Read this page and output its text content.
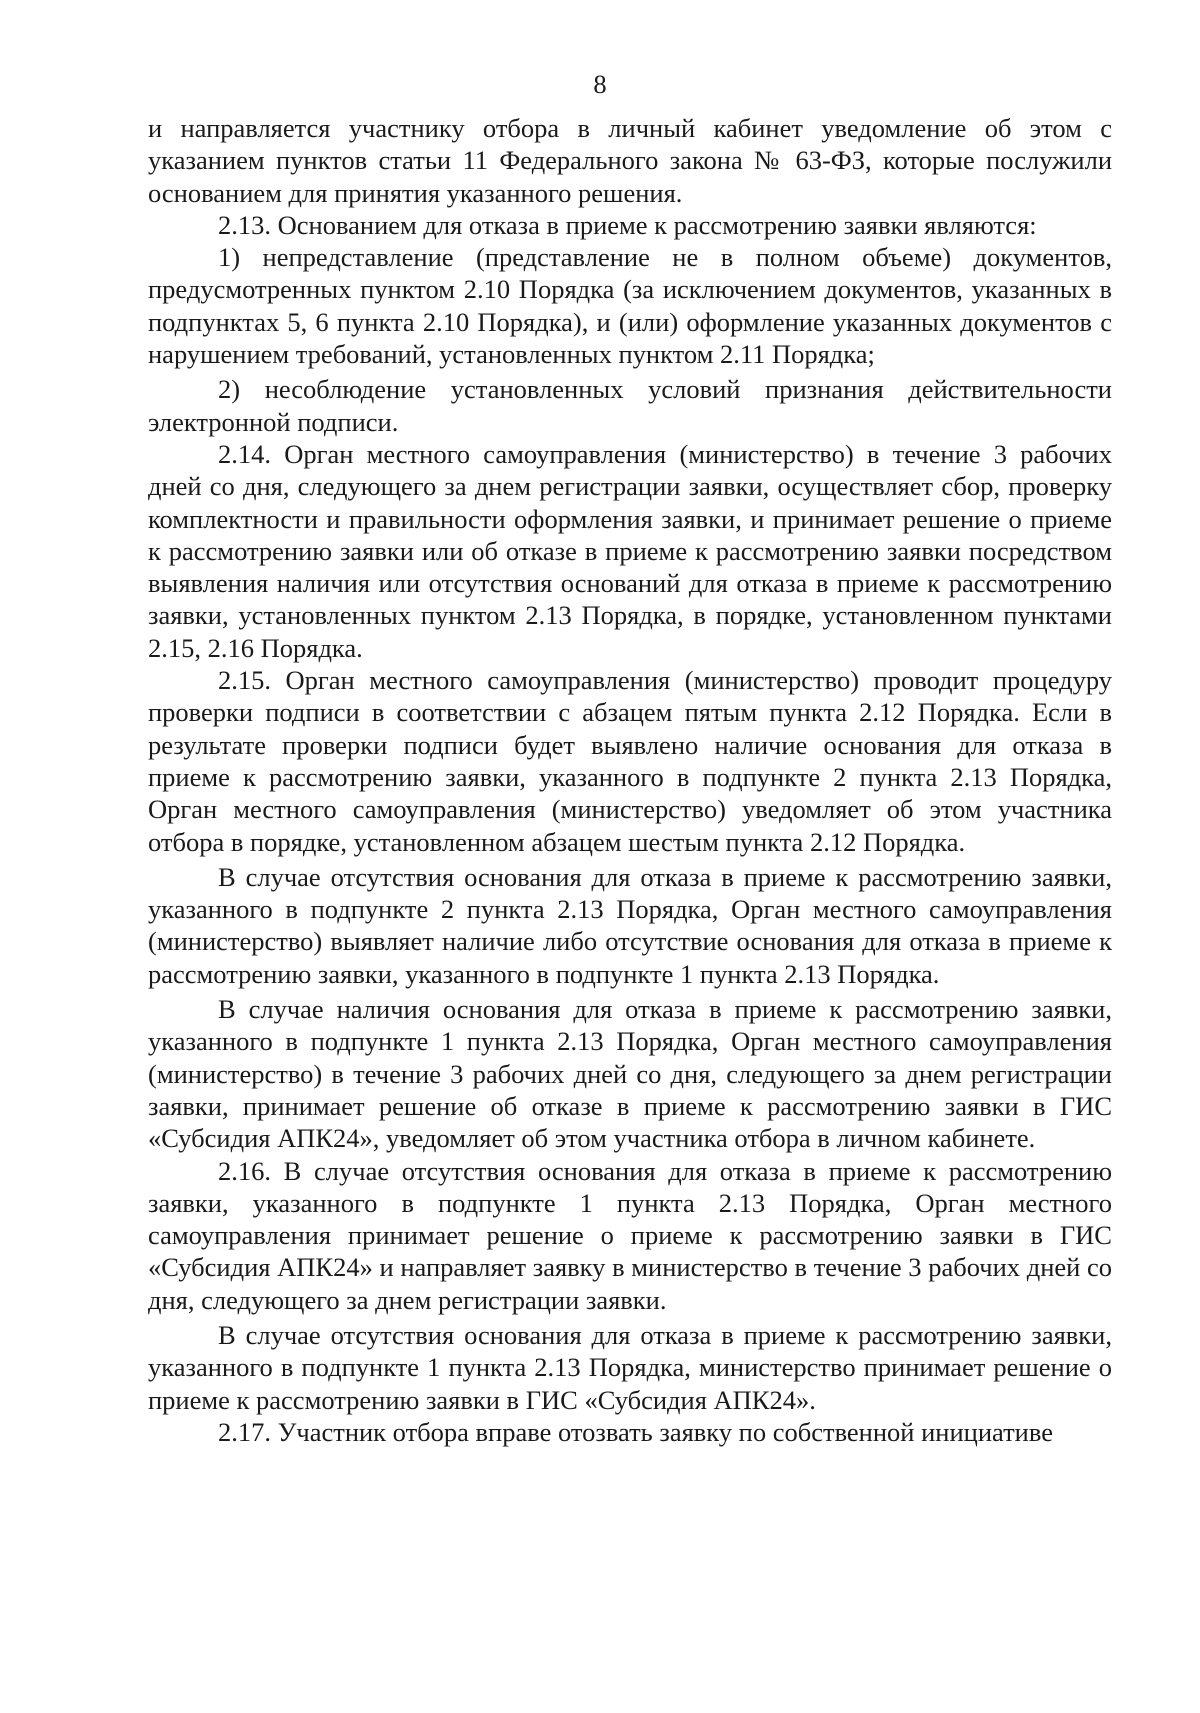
8

и направляется участнику отбора в личный кабинет уведомление об этом с указанием пунктов статьи 11 Федерального закона № 63-ФЗ, которые послужили основанием для принятия указанного решения.

2.13. Основанием для отказа в приеме к рассмотрению заявки являются:

1) непредставление (представление не в полном объеме) документов, предусмотренных пунктом 2.10 Порядка (за исключением документов, указанных в подпунктах 5, 6 пункта 2.10 Порядка), и (или) оформление указанных документов с нарушением требований, установленных пунктом 2.11 Порядка;

2) несоблюдение установленных условий признания действительности электронной подписи.

2.14. Орган местного самоуправления (министерство) в течение 3 рабочих дней со дня, следующего за днем регистрации заявки, осуществляет сбор, проверку комплектности и правильности оформления заявки, и принимает решение о приеме к рассмотрению заявки или об отказе в приеме к рассмотрению заявки посредством выявления наличия или отсутствия оснований для отказа в приеме к рассмотрению заявки, установленных пунктом 2.13 Порядка, в порядке, установленном пунктами 2.15, 2.16 Порядка.

2.15. Орган местного самоуправления (министерство) проводит процедуру проверки подписи в соответствии с абзацем пятым пункта 2.12 Порядка. Если в результате проверки подписи будет выявлено наличие основания для отказа в приеме к рассмотрению заявки, указанного в подпункте 2 пункта 2.13 Порядка, Орган местного самоуправления (министерство) уведомляет об этом участника отбора в порядке, установленном абзацем шестым пункта 2.12 Порядка.

В случае отсутствия основания для отказа в приеме к рассмотрению заявки, указанного в подпункте 2 пункта 2.13 Порядка, Орган местного самоуправления (министерство) выявляет наличие либо отсутствие основания для отказа в приеме к рассмотрению заявки, указанного в подпункте 1 пункта 2.13 Порядка.

В случае наличия основания для отказа в приеме к рассмотрению заявки, указанного в подпункте 1 пункта 2.13 Порядка, Орган местного самоуправления (министерство) в течение 3 рабочих дней со дня, следующего за днем регистрации заявки, принимает решение об отказе в приеме к рассмотрению заявки в ГИС «Субсидия АПК24», уведомляет об этом участника отбора в личном кабинете.

2.16. В случае отсутствия основания для отказа в приеме к рассмотрению заявки, указанного в подпункте 1 пункта 2.13 Порядка, Орган местного самоуправления принимает решение о приеме к рассмотрению заявки в ГИС «Субсидия АПК24» и направляет заявку в министерство в течение 3 рабочих дней со дня, следующего за днем регистрации заявки.

В случае отсутствия основания для отказа в приеме к рассмотрению заявки, указанного в подпункте 1 пункта 2.13 Порядка, министерство принимает решение о приеме к рассмотрению заявки в ГИС «Субсидия АПК24».

2.17. Участник отбора вправе отозвать заявку по собственной инициативе
